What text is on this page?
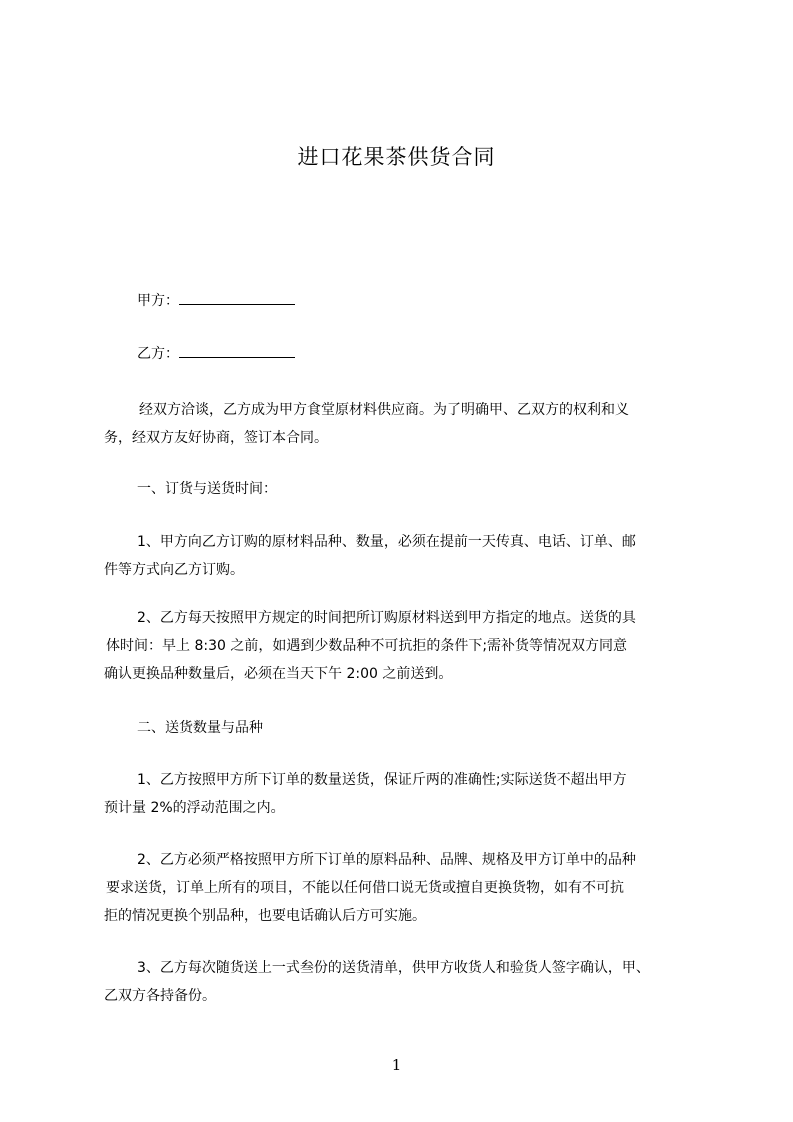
进口花果茶供货合同
甲方：
乙方：
经双方洽谈，乙方成为甲方食堂原材料供应商。为了明确甲、乙双方的权利和义
务，经双方友好协商，签订本合同。
一、订货与送货时间：
1、甲方向乙方订购的原材料品种、数量，必须在提前一天传真、电话、订单、邮
件等方式向乙方订购。
2、乙方每天按照甲方规定的时间把所订购原材料送到甲方指定的地点。送货的具
体时间：早上 8:30 之前，如遇到少数品种不可抗拒的条件下;需补货等情况双方同意
确认更换品种数量后，必须在当天下午 2:00 之前送到。
二、送货数量与品种
1、乙方按照甲方所下订单的数量送货，保证斤两的准确性;实际送货不超出甲方
预计量 2%的浮动范围之内。
2、乙方必须严格按照甲方所下订单的原料品种、品牌、规格及甲方订单中的品种
要求送货，订单上所有的项目，不能以任何借口说无货或擅自更换货物，如有不可抗
拒的情况更换个别品种，也要电话确认后方可实施。
3、乙方每次随货送上一式叁份的送货清单，供甲方收货人和验货人签字确认，甲、
乙双方各持备份。
1
